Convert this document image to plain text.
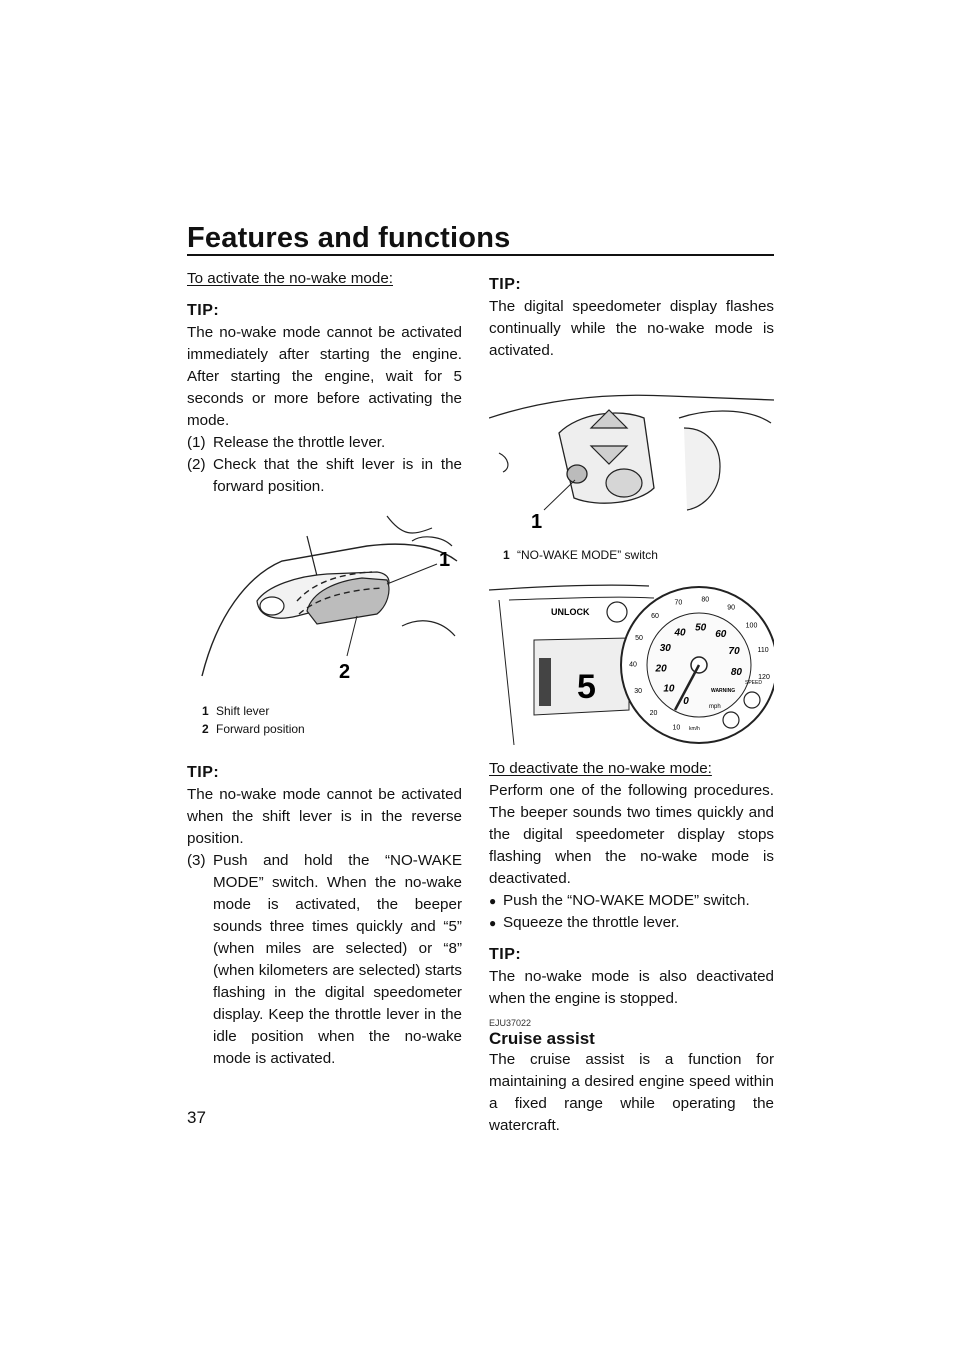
Features and functions

To activate the no-wake mode:

TIP:

The no-wake mode cannot be activated immediately after starting the engine. After starting the engine, wait for 5 seconds or more before activating the mode.

(1) Release the throttle lever.
(2) Check that the shift lever is in the forward position.
1
2
1 Shift lever
2 Forward position
TIP:

The no-wake mode cannot be activated when the shift lever is in the reverse position.

(3) Push and hold the “NO-WAKE MODE” switch. When the no-wake mode is activated, the beeper sounds three times quickly and “5” (when miles are selected) or “8” (when kilometers are selected) starts flashing in the digital speedometer display. Keep the throttle lever in the idle position when the no-wake mode is activated.
TIP:

The digital speedometer display flashes continually while the no-wake mode is activated.

1
1 “NO-WAKE MODE” switch
UNLOCK
5
10
20
30
40
50
60
70	80
90
100
110
120
0
10
20
30
40 50
60
70
80
mph
km/h
WARNING
SPEED

To deactivate the no-wake mode:

Perform one of the following procedures. The beeper sounds two times quickly and the digital speedometer display stops flashing when the no-wake mode is deactivated.

● Push the “NO-WAKE MODE” switch.
● Squeeze the throttle lever.
TIP:

The no-wake mode is also deactivated when the engine is stopped.

EJU37022
Cruise assist

The cruise assist is a function for maintaining a desired engine speed within a fixed range while operating the watercraft.

37
